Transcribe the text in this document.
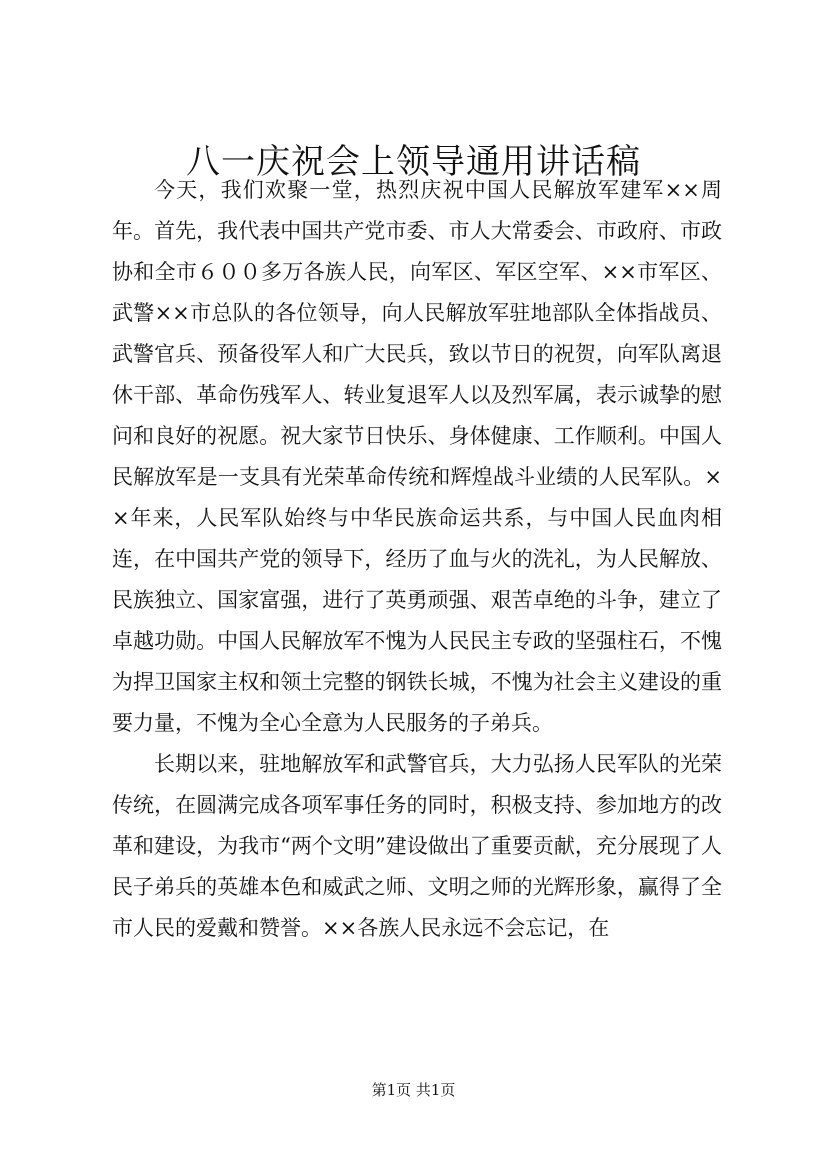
八一庆祝会上领导通用讲话稿

今天，我们欢聚一堂，热烈庆祝中国人民解放军建军××周年。首先，我代表中国共产党市委、市人大常委会、市政府、市政协和全市６００多万各族人民，向军区、军区空军、××市军区、武警××市总队的各位领导，向人民解放军驻地部队全体指战员、武警官兵、预备役军人和广大民兵，致以节日的祝贺，向军队离退休干部、革命伤残军人、转业复退军人以及烈军属，表示诚挚的慰问和良好的祝愿。祝大家节日快乐、身体健康、工作顺利。中国人民解放军是一支具有光荣革命传统和辉煌战斗业绩的人民军队。××年来，人民军队始终与中华民族命运共系，与中国人民血肉相连，在中国共产党的领导下，经历了血与火的洗礼，为人民解放、民族独立、国家富强，进行了英勇顽强、艰苦卓绝的斗争，建立了卓越功勋。中国人民解放军不愧为人民民主专政的坚强柱石，不愧为捍卫国家主权和领土完整的钢铁长城，不愧为社会主义建设的重要力量，不愧为全心全意为人民服务的子弟兵。

长期以来，驻地解放军和武警官兵，大力弘扬人民军队的光荣传统，在圆满完成各项军事任务的同时，积极支持、参加地方的改革和建设，为我市“两个文明”建设做出了重要贡献，充分展现了人民子弟兵的英雄本色和威武之师、文明之师的光辉形象，赢得了全市人民的爱戴和赞誉。××各族人民永远不会忘记，在

第1页 共1页
